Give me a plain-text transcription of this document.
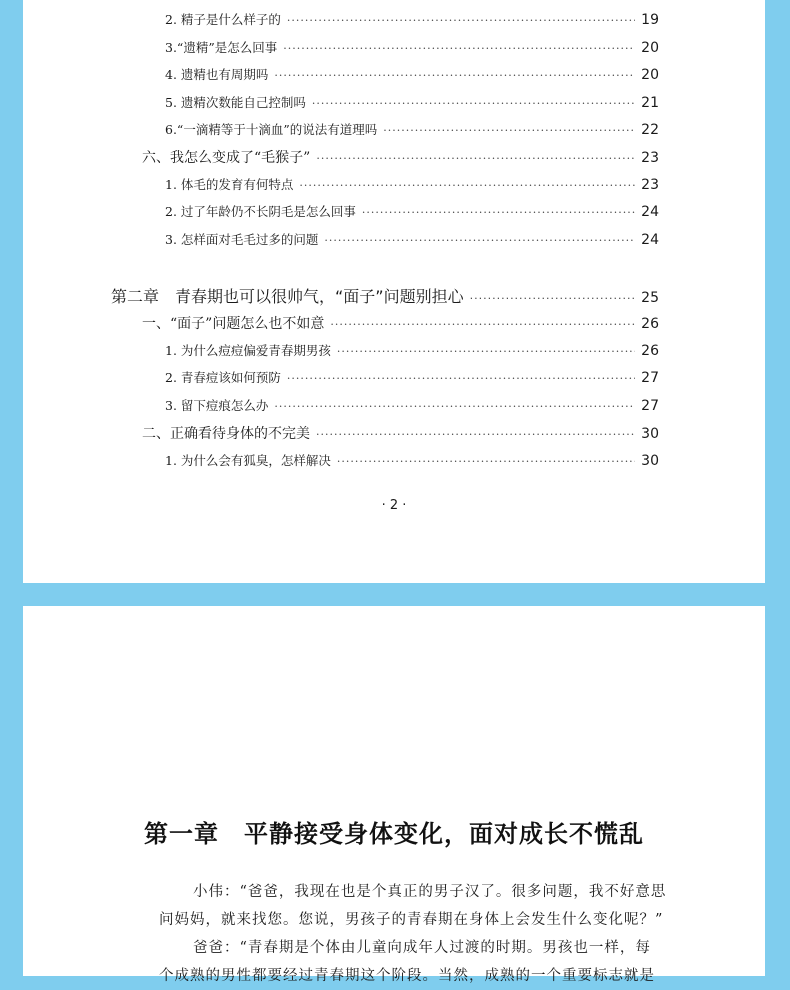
2. 精子是什么样子的 ·····	19
3.“遗精”是怎么回事 ·····	20
4. 遗精也有周期吗 ·····	20
5. 遗精次数能自己控制吗 ·····	21
6.“一滴精等于十滴血”的说法有道理吗 ·····	22
六、我怎么变成了“毛猴子” ·····	23
1. 体毛的发育有何特点 ·····	23
2. 过了年龄仍不长阴毛是怎么回事 ·····	24
3. 怎样面对毛毛过多的问题 ·····	24
第二章　青春期也可以很帅气，“面子”问题别担心 ·····	25
一、“面子”问题怎么也不如意 ·····	26
1. 为什么痘痘偏爱青春期男孩 ·····	26
2. 青春痘该如何预防 ·····	27
3. 留下痘痕怎么办 ·····	27
二、正确看待身体的不完美 ·····	30
1. 为什么会有狐臭，怎样解决 ·····	30
· 2 ·
第一章　平静接受身体变化，面对成长不慌乱
小伟：“爸爸，我现在也是个真正的男子汉了。很多问题，我不好意思
问妈妈，就来找您。您说，男孩子的青春期在身体上会发生什么变化呢？”
爸爸：“青春期是个体由儿童向成年人过渡的时期。男孩也一样，每
个成熟的男性都要经过青春期这个阶段。当然，成熟的一个重要标志就是
